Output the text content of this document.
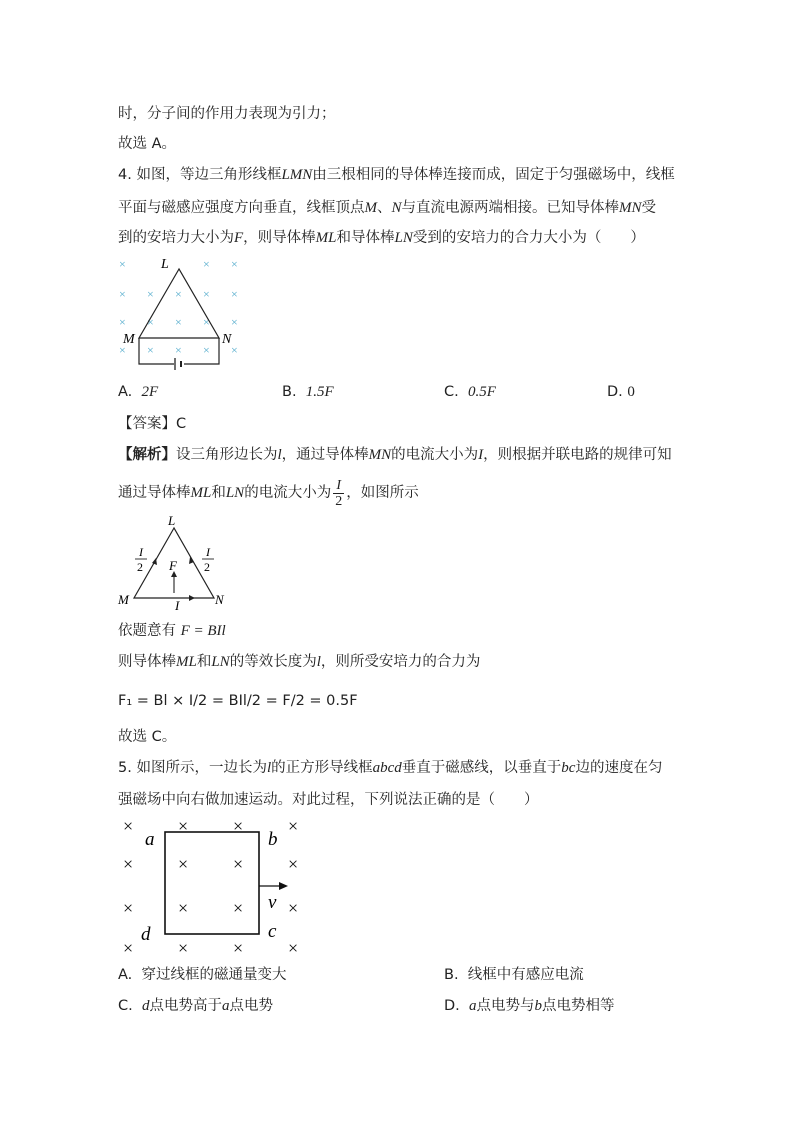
时，分子间的作用力表现为引力；
故选 A。
4. 如图，等边三角形线框LMN由三根相同的导体棒连接而成，固定于匀强磁场中，线框
平面与磁感应强度方向垂直，线框顶点M、N与直流电源两端相接。已知导体棒MN受
到的安培力大小为F，则导体棒ML和导体棒LN受到的安培力的合力大小为（　　）
×	× ×
× × × × ×
× × × × ×
× × × × ×
L
M	N
A. 2F	B. 1.5F	C. 0.5F	D. 0
【答案】C
【解析】设三角形边长为l，通过导体棒MN的电流大小为I，则根据并联电路的规律可知
通过导体棒ML和LN的电流大小为 $\frac{I}{2}$ ，如图所示
L
M	N
F
I
I
2
I
2
依题意有 F = BIl
则导体棒ML和LN的等效长度为l，则所受安培力的合力为
F₁ = Bl × I/2 = BIl/2 = F/2 = 0.5F
故选 C。
5. 如图所示，一边长为l的正方形导线框abcd垂直于磁感线，以垂直于bc边的速度在匀
强磁场中向右做加速运动。对此过程，下列说法正确的是（　　）
× × × ×
× × × ×
× × × ×
× × × ×
a	b
c
d
v
A. 穿过线框的磁通量变大	B. 线框中有感应电流
C. d点电势高于a点电势	D. a点电势与b点电势相等
